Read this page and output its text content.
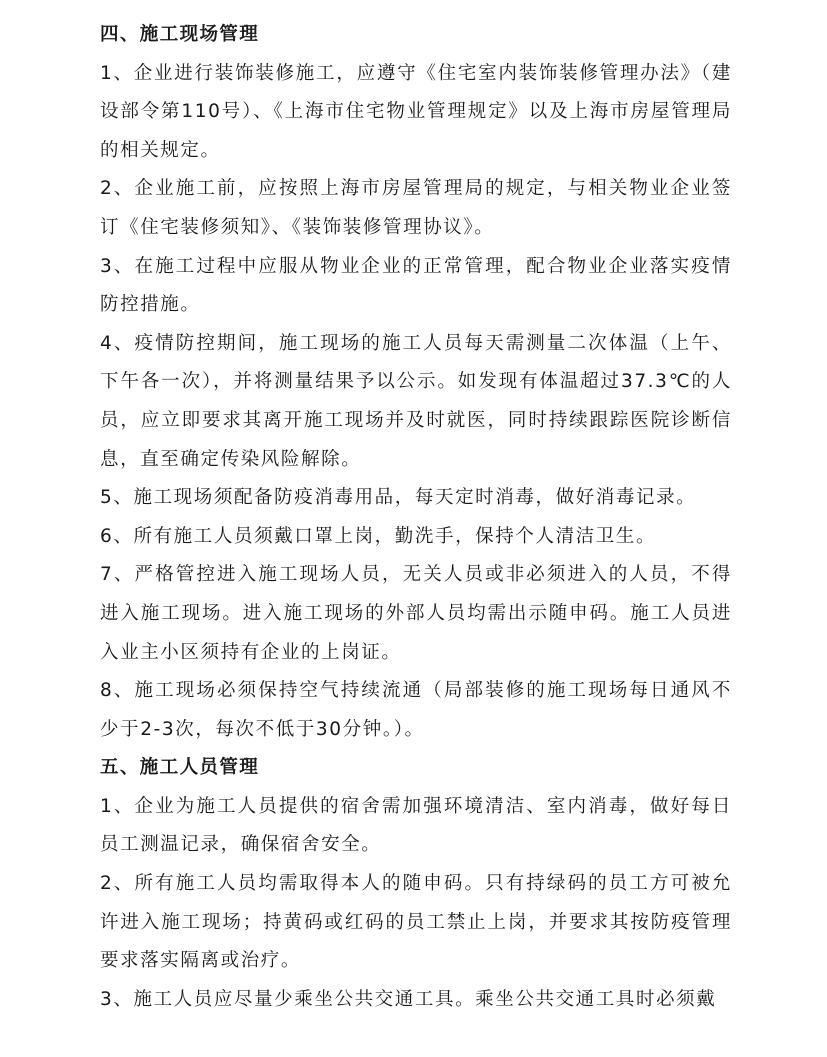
四、施工现场管理

1、企业进行装饰装修施工，应遵守《住宅室内装饰装修管理办法》（建设部令第110号）、《上海市住宅物业管理规定》以及上海市房屋管理局的相关规定。

2、企业施工前，应按照上海市房屋管理局的规定，与相关物业企业签订《住宅装修须知》、《装饰装修管理协议》。

3、在施工过程中应服从物业企业的正常管理，配合物业企业落实疫情防控措施。

4、疫情防控期间，施工现场的施工人员每天需测量二次体温（上午、下午各一次），并将测量结果予以公示。如发现有体温超过37.3℃的人员，应立即要求其离开施工现场并及时就医，同时持续跟踪医院诊断信息，直至确定传染风险解除。

5、施工现场须配备防疫消毒用品，每天定时消毒，做好消毒记录。

6、所有施工人员须戴口罩上岗，勤洗手，保持个人清洁卫生。

7、严格管控进入施工现场人员，无关人员或非必须进入的人员，不得进入施工现场。进入施工现场的外部人员均需出示随申码。施工人员进入业主小区须持有企业的上岗证。

8、施工现场必须保持空气持续流通（局部装修的施工现场每日通风不少于2-3次，每次不低于30分钟。）。

五、施工人员管理

1、企业为施工人员提供的宿舍需加强环境清洁、室内消毒，做好每日员工测温记录，确保宿舍安全。

2、所有施工人员均需取得本人的随申码。只有持绿码的员工方可被允许进入施工现场；持黄码或红码的员工禁止上岗，并要求其按防疫管理要求落实隔离或治疗。

3、施工人员应尽量少乘坐公共交通工具。乘坐公共交通工具时必须戴
